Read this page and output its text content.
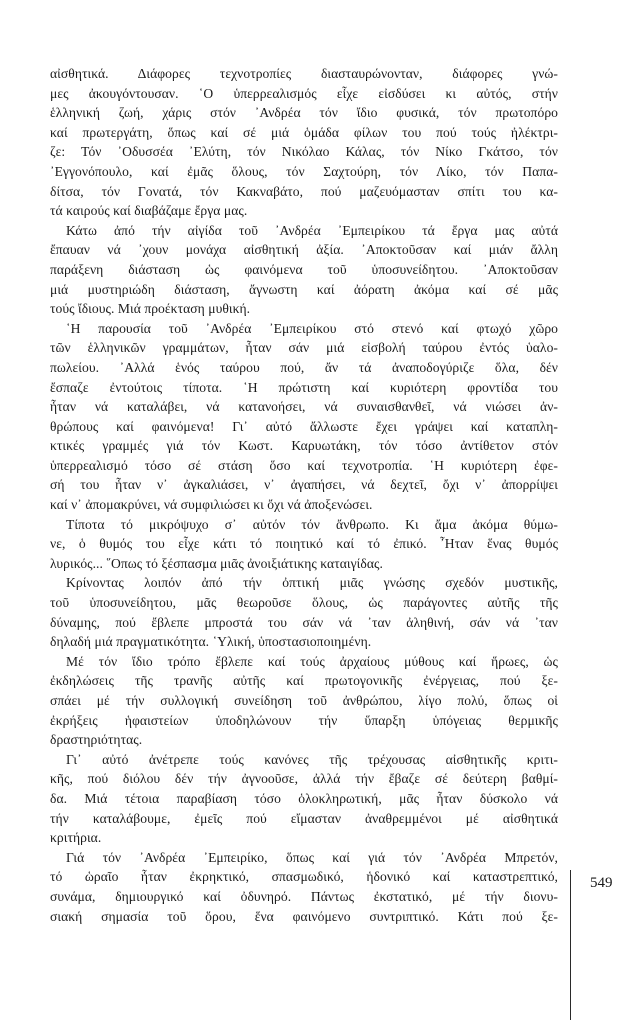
αἰσθητικά. Διάφορες τεχνοτροπίες διασταυρώνονταν, διάφορες γνώ-
μες ἀκουγόντουσαν. ῾Ο ὑπερρεαλισμός εἶχε εἰσδύσει κι αὐτός, στήν
ἑλληνική ζωή, χάρις στόν ᾿Ανδρέα τόν ἴδιο φυσικά, τόν πρωτοπόρο
καί πρωτεργάτη, ὅπως καί σέ μιά ὁμάδα φίλων του πού τούς ἠλέκτρι-
ζε: Τόν ᾿Οδυσσέα ᾿Ελύτη, τόν Νικόλαο Κάλας, τόν Νίκο Γκάτσο, τόν
᾿Εγγονόπουλο, καί ἐμᾶς ὅλους, τόν Σαχτούρη, τόν Λίκο, τόν Παπα-
δίτσα, τόν Γονατά, τόν Κακναβάτο, πού μαζευόμασταν σπίτι του κα-
τά καιρούς καί διαβάζαμε ἔργα μας.
Κάτω ἀπό τήν αἰγίδα τοῦ ᾿Ανδρέα ᾿Εμπειρίκου τά ἔργα μας αὐτά
ἔπαυαν νά ᾿χουν μονάχα αἰσθητική ἀξία. ᾿Αποκτοῦσαν καί μιάν ἄλλη
παράξενη διάσταση ὡς φαινόμενα τοῦ ὑποσυνείδητου. ᾿Αποκτοῦσαν
μιά μυστηριώδη διάσταση, ἄγνωστη καί ἀόρατη ἀκόμα καί σέ μᾶς
τούς ἴδιους. Μιά προέκταση μυθική.
῾Η παρουσία τοῦ ᾿Ανδρέα ᾿Εμπειρίκου στό στενό καί φτωχό χῶρο
τῶν ἑλληνικῶν γραμμάτων, ἦταν σάν μιά εἰσβολή ταύρου ἐντός ὑαλο-
πωλείου. ᾿Αλλά ἑνός ταύρου πού, ἄν τά ἀναποδογύριζε ὅλα, δέν
ἔσπαζε ἐντούτοις τίποτα. ῾Η πρώτιστη καί κυριότερη φροντίδα του
ἦταν νά καταλάβει, νά κατανοήσει, νά συναισθανθεῖ, νά νιώσει ἀν-
θρώπους καί φαινόμενα! Γι᾿ αὐτό ἄλλωστε ἔχει γράψει καί καταπλη-
κτικές γραμμές γιά τόν Κωστ. Καρυωτάκη, τόν τόσο ἀντίθετον στόν
ὑπερρεαλισμό τόσο σέ στάση ὅσο καί τεχνοτροπία. ῾Η κυριότερη ἐφε-
σή του ἦταν ν᾿ ἀγκαλιάσει, ν᾿ ἀγαπήσει, νά δεχτεῖ, ὄχι ν᾿ ἀπορρίψει
καί ν᾿ ἀπομακρύνει, νά συμφιλιώσει κι ὄχι νά ἀποξενώσει.
Τίποτα τό μικρόψυχο σ᾿ αὐτόν τόν ἄνθρωπο. Κι ἄμα ἀκόμα θύμω-
νε, ὁ θυμός του εἶχε κάτι τό ποιητικό καί τό ἐπικό. ῏Ηταν ἕνας θυμός
λυρικός... ῞Οπως τό ξέσπασμα μιᾶς ἀνοιξιάτικης καταιγίδας.
Κρίνοντας λοιπόν ἀπό τήν ὀπτική μιᾶς γνώσης σχεδόν μυστικῆς,
τοῦ ὑποσυνείδητου, μᾶς θεωροῦσε ὅλους, ὡς παράγοντες αὐτῆς τῆς
δύναμης, πού ἔβλεπε μπροστά του σάν νά ᾿ταν ἀληθινή, σάν νά ᾿ταν
δηλαδή μιά πραγματικότητα. ῾Υλική, ὑποστασιοποιημένη.
Μέ τόν ἴδιο τρόπο ἔβλεπε καί τούς ἀρχαίους μύθους καί ἥρωες, ὡς
ἐκδηλώσεις τῆς τρανῆς αὐτῆς καί πρωτογονικῆς ἐνέργειας, πού ξε-
σπάει μέ τήν συλλογική συνείδηση τοῦ ἀνθρώπου, λίγο πολύ, ὅπως οἱ
ἐκρήξεις ἡφαιστείων ὑποδηλώνουν τήν ὕπαρξη ὑπόγειας θερμικῆς
δραστηριότητας.
Γι᾿ αὐτό ἀνέτρεπε τούς κανόνες τῆς τρέχουσας αἰσθητικῆς κριτι-
κῆς, πού διόλου δέν τήν ἀγνοοῦσε, ἀλλά τήν ἔβαζε σέ δεύτερη βαθμί-
δα. Μιά τέτοια παραβίαση τόσο ὁλοκληρωτική, μᾶς ἦταν δύσκολο νά
τήν καταλάβουμε, ἐμεῖς πού εἴμασταν ἀναθρεμμένοι μέ αἰσθητικά
κριτήρια.
Γιά τόν ᾿Ανδρέα ᾿Εμπειρίκο, ὅπως καί γιά τόν ᾿Ανδρέα Μπρετόν,
τό ὡραῖο ἦταν ἐκρηκτικό, σπασμωδικό, ἡδονικό καί καταστρεπτικό,
συνάμα, δημιουργικό καί ὀδυνηρό. Πάντως ἐκστατικό, μέ τήν διονυ-
σιακή σημασία τοῦ ὅρου, ἕνα φαινόμενο συντριπτικό. Κάτι πού ξε-
549
